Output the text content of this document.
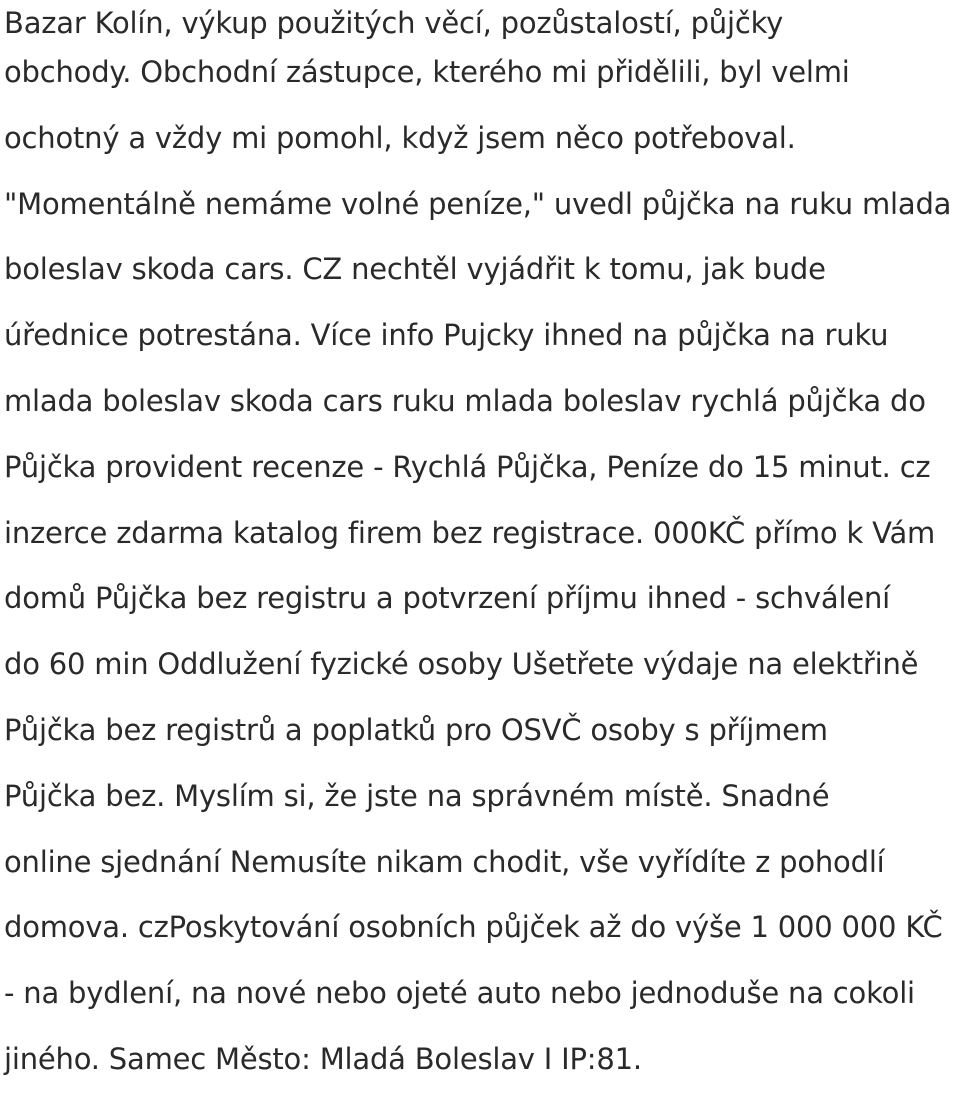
Bazar Kolín, výkup použitých věcí, pozůstalostí, půjčky
obchody. Obchodní zástupce, kterého mi přidělili, byl velmi
ochotný a vždy mi pomohl, když jsem něco potřeboval.
"Momentálně nemáme volné peníze," uvedl půjčka na ruku mlada
boleslav skoda cars. CZ nechtěl vyjádřit k tomu, jak bude
úřednice potrestána. Více info Pujcky ihned na půjčka na ruku
mlada boleslav skoda cars ruku mlada boleslav rychlá půjčka do
Půjčka provident recenze - Rychlá Půjčka, Peníze do 15 minut. cz
inzerce zdarma katalog firem bez registrace. 000KČ přímo k Vám
domů Půjčka bez registru a potvrzení příjmu ihned - schválení
do 60 min Oddlužení fyzické osoby Ušetřete výdaje na elektřině
Půjčka bez registrů a poplatků pro OSVČ osoby s příjmem
Půjčka bez. Myslím si, že jste na správném místě. Snadné
online sjednání Nemusíte nikam chodit, vše vyřídíte z pohodlí
domova. czPoskytování osobních půjček až do výše 1 000 000 KČ
- na bydlení, na nové nebo ojeté auto nebo jednoduše na cokoli
jiného. Samec Město: Mladá Boleslav I IP:81.
